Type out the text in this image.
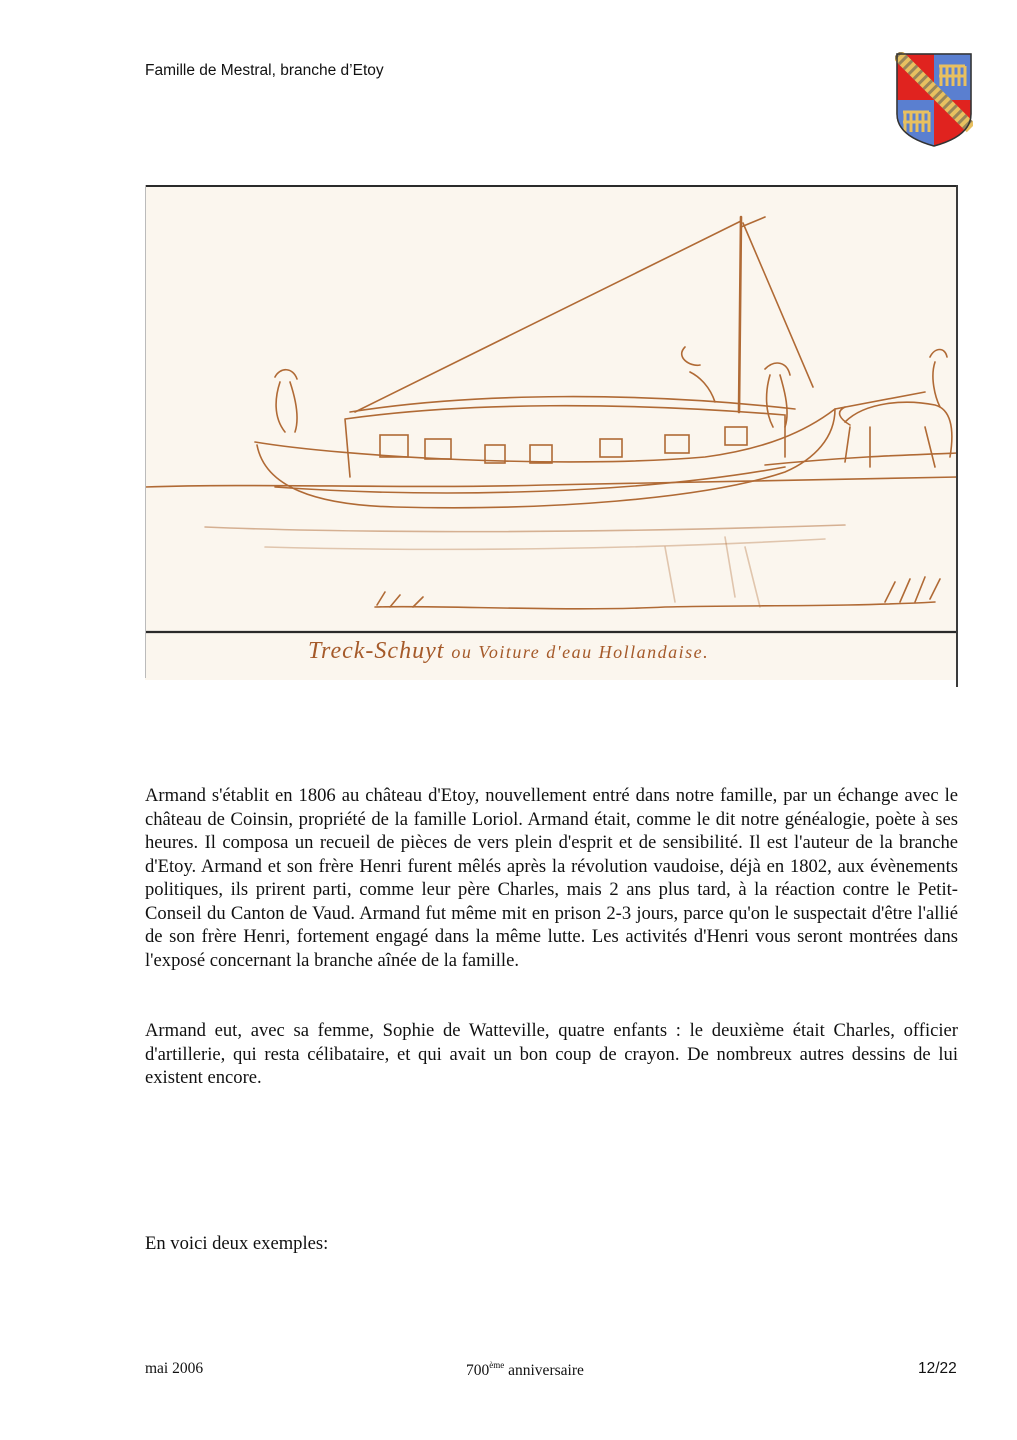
Famille de Mestral, branche d’Etoy
Treck-Schuyt ou Voiture d'eau Hollandaise.

Armand s'établit en 1806 au château d'Etoy, nouvellement entré dans notre famille, par un échange avec le château de Coinsin, propriété de la famille Loriol. Armand était, comme le dit notre généalogie, poète à ses heures. Il composa un recueil de pièces de vers plein d'esprit et de sensibilité. Il est l'auteur de la branche d'Etoy. Armand et son frère Henri furent mêlés après la révolution vaudoise, déjà en 1802, aux évènements politiques, ils prirent parti, comme leur père Charles, mais 2 ans plus tard, à la réaction contre le Petit-Conseil du Canton de Vaud. Armand fut même mit en prison 2-3 jours, parce qu'on le suspectait d'être l'allié de son frère Henri, fortement engagé dans la même lutte. Les activités d'Henri vous seront montrées dans l'exposé concernant la branche aînée de la famille.

Armand eut, avec sa femme, Sophie de Watteville, quatre enfants : le deuxième était Charles, officier d'artillerie, qui resta célibataire, et qui avait un bon coup de crayon. De nombreux autres dessins de lui existent encore.

En voici deux exemples:

mai 2006	700ème anniversaire	12/22
